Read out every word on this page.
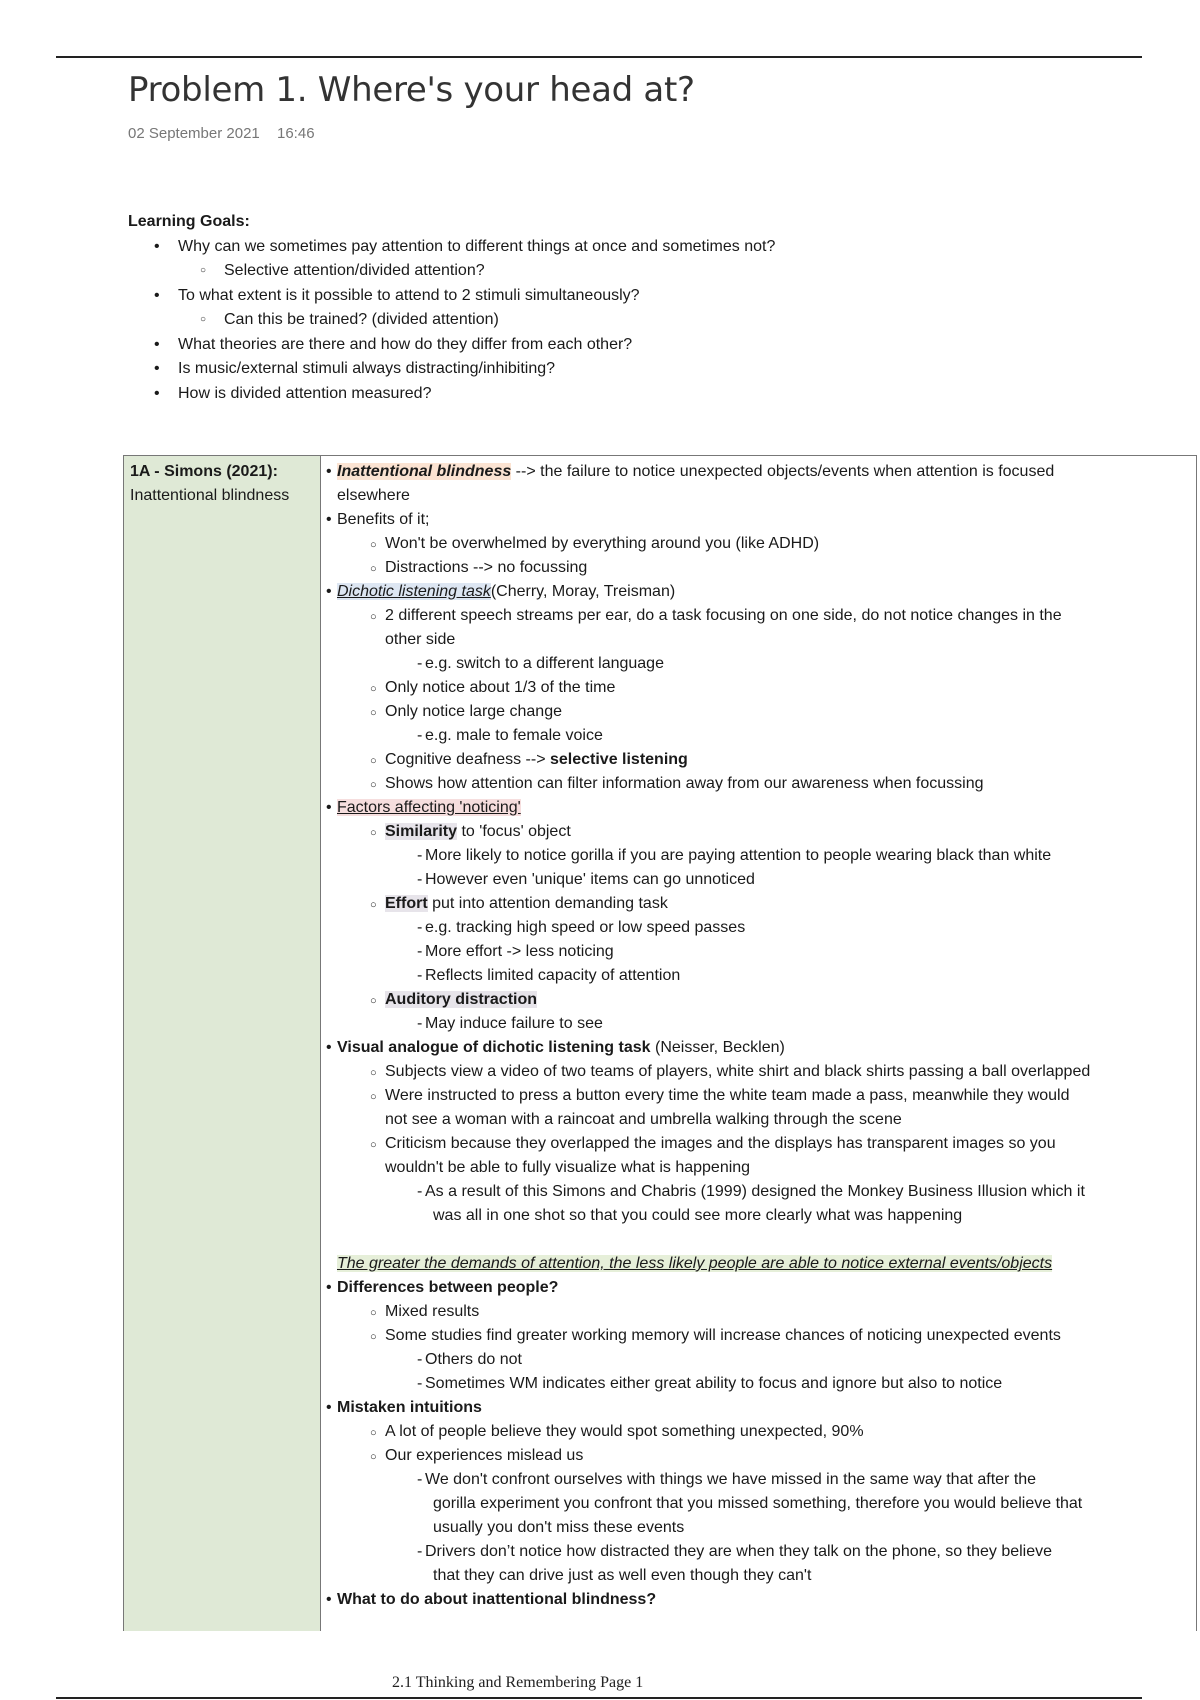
Problem 1. Where's your head at?
02 September 2021 16:46
Learning Goals:
• Why can we sometimes pay attention to different things at once and sometimes not?
○ Selective attention/divided attention?
• To what extent is it possible to attend to 2 stimuli simultaneously?
○ Can this be trained? (divided attention)
• What theories are there and how do they differ from each other?
• Is music/external stimuli always distracting/inhibiting?
• How is divided attention measured?
1A - Simons (2021):
Inattentional blindness
• Inattentional blindness --> the failure to notice unexpected objects/events when attention is focused
elsewhere
• Benefits of it;
○ Won't be overwhelmed by everything around you (like ADHD)
○ Distractions --> no focussing
• Dichotic listening task(Cherry, Moray, Treisman)
○ 2 different speech streams per ear, do a task focusing on one side, do not notice changes in the
other side
- e.g. switch to a different language
○ Only notice about 1/3 of the time
○ Only notice large change
- e.g. male to female voice
○ Cognitive deafness --> selective listening
○ Shows how attention can filter information away from our awareness when focussing
• Factors affecting 'noticing'
○ Similarity to 'focus' object
- More likely to notice gorilla if you are paying attention to people wearing black than white
- However even 'unique' items can go unnoticed
○ Effort put into attention demanding task
- e.g. tracking high speed or low speed passes
- More effort -> less noticing
- Reflects limited capacity of attention
○ Auditory distraction
- May induce failure to see
• Visual analogue of dichotic listening task (Neisser, Becklen)
○ Subjects view a video of two teams of players, white shirt and black shirts passing a ball overlapped
○ Were instructed to press a button every time the white team made a pass, meanwhile they would
not see a woman with a raincoat and umbrella walking through the scene
○ Criticism because they overlapped the images and the displays has transparent images so you
wouldn't be able to fully visualize what is happening
- As a result of this Simons and Chabris (1999) designed the Monkey Business Illusion which it
was all in one shot so that you could see more clearly what was happening
The greater the demands of attention, the less likely people are able to notice external events/objects
• Differences between people?
○ Mixed results
○ Some studies find greater working memory will increase chances of noticing unexpected events
- Others do not
- Sometimes WM indicates either great ability to focus and ignore but also to notice
• Mistaken intuitions
○ A lot of people believe they would spot something unexpected, 90%
○ Our experiences mislead us
- We don't confront ourselves with things we have missed in the same way that after the
gorilla experiment you confront that you missed something, therefore you would believe that
usually you don't miss these events
- Drivers don’t notice how distracted they are when they talk on the phone, so they believe
that they can drive just as well even though they can't
• What to do about inattentional blindness?
2.1 Thinking and Remembering Page 1
